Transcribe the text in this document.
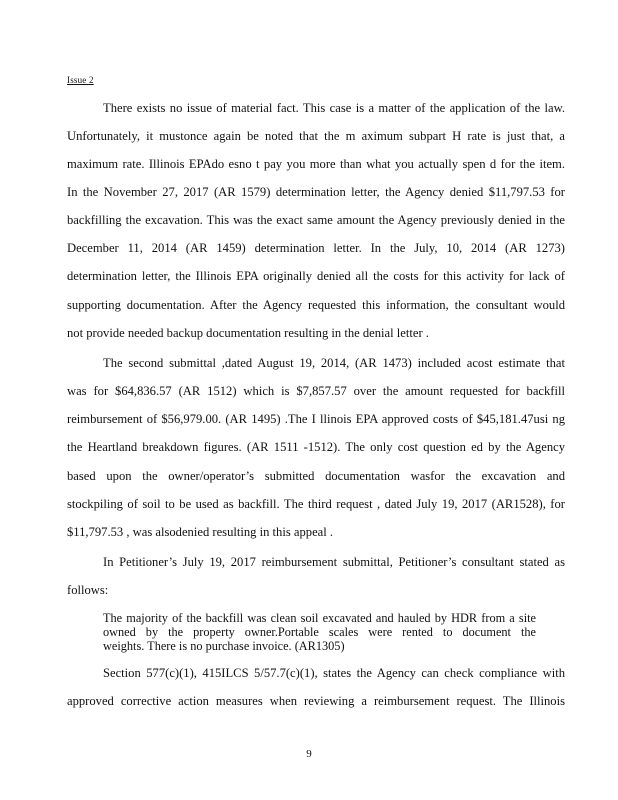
Issue 2
There exists no issue of material fact. This case is a matter of the application of the law.
Unfortunately, it mustonce again be noted that the m aximum subpart H rate is just that, a
maximum rate. Illinois EPAdo esno t pay you more than what you actually spen d for the item.
In the November 27, 2017 (AR 1579) determination letter, the Agency denied $11,797.53 for
backfilling the excavation. This was the exact same amount the Agency previously denied in the
December 11, 2014 (AR 1459) determination letter. In the July, 10, 2014 (AR 1273)
determination letter, the Illinois EPA originally denied all the costs for this activity for lack of
supporting documentation. After the Agency requested this information, the consultant would
not provide needed backup documentation resulting in the denial letter .
The second submittal ,dated August 19, 2014, (AR 1473) included acost estimate that
was for $64,836.57 (AR 1512) which is $7,857.57 over the amount requested for backfill
reimbursement of $56,979.00. (AR 1495) .The I llinois EPA approved costs of $45,181.47usi ng
the Heartland breakdown figures. (AR 1511 -1512). The only cost question ed by the Agency
based upon the owner/operator’s submitted documentation wasfor the excavation and
stockpiling of soil to be used as backfill. The third request , dated July 19, 2017 (AR1528), for
$11,797.53 , was alsodenied resulting in this appeal .
In Petitioner’s July 19, 2017 reimbursement submittal, Petitioner’s consultant stated as
follows:
The majority of the backfill was clean soil excavated and hauled by HDR from a site
owned by the property owner.Portable scales were rented to document the
weights. There is no purchase invoice. (AR1305)
Section 577(c)(1), 415ILCS 5/57.7(c)(1), states the Agency can check compliance with
approved corrective action measures when reviewing a reimbursement request. The Illinois
9
